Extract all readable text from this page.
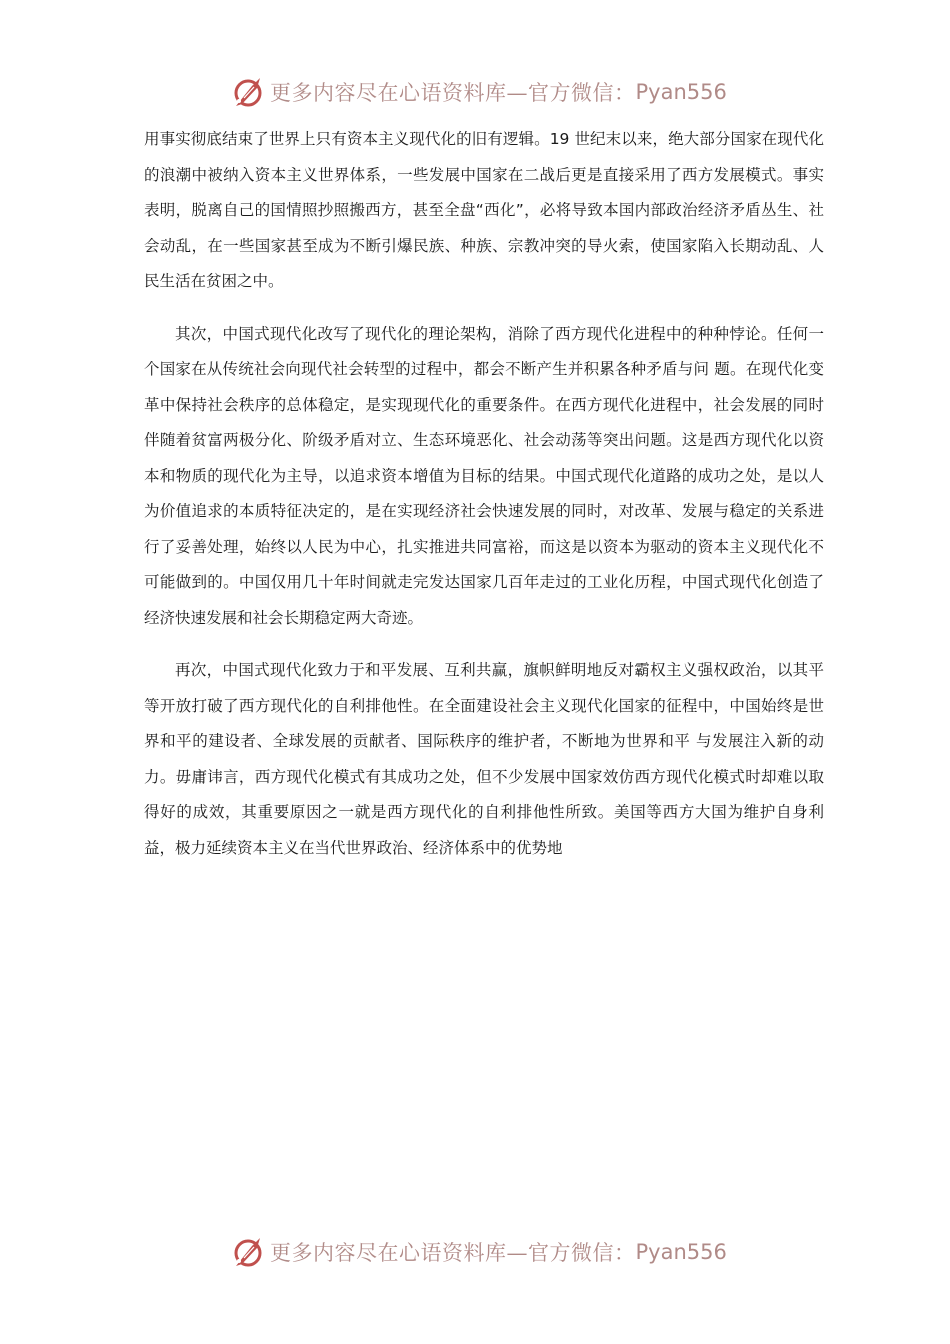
更多内容尽在心语资料库—官方微信： Pyan556

用事实彻底结束了世界上只有资本主义现代化的旧有逻辑。19 世纪末以来，绝大部分国家在现代化的浪潮中被纳入资本主义世界体系，一些发展中国家在二战后更是直接采用了西方发展模式。事实表明，脱离自己的国情照抄照搬西方，甚至全盘“西化”，必将导致本国内部政治经济矛盾丛生、社会动乱，在一些国家甚至成为不断引爆民族、种族、宗教冲突的导火索，使国家陷入长期动乱、人民生活在贫困之中。

其次，中国式现代化改写了现代化的理论架构，消除了西方现代化进程中的种种悖论。任何一个国家在从传统社会向现代社会转型的过程中，都会不断产生并积累各种矛盾与问 题。在现代化变革中保持社会秩序的总体稳定，是实现现代化的重要条件。在西方现代化进程中，社会发展的同时伴随着贫富两极分化、阶级矛盾对立、生态环境恶化、社会动荡等突出问题。这是西方现代化以资本和物质的现代化为主导，以追求资本增值为目标的结果。中国式现代化道路的成功之处，是以人为价值追求的本质特征决定的，是在实现经济社会快速发展的同时，对改革、发展与稳定的关系进行了妥善处理，始终以人民为中心，扎实推进共同富裕，而这是以资本为驱动的资本主义现代化不可能做到的。中国仅用几十年时间就走完发达国家几百年走过的工业化历程，中国式现代化创造了经济快速发展和社会长期稳定两大奇迹。

再次，中国式现代化致力于和平发展、互利共赢，旗帜鲜明地反对霸权主义强权政治，以其平等开放打破了西方现代化的自利排他性。在全面建设社会主义现代化国家的征程中，中国始终是世界和平的建设者、全球发展的贡献者、国际秩序的维护者，不断地为世界和平 与发展注入新的动力。毋庸讳言，西方现代化模式有其成功之处，但不少发展中国家效仿西方现代化模式时却难以取得好的成效，其重要原因之一就是西方现代化的自利排他性所致。美国等西方大国为维护自身利益，极力延续资本主义在当代世界政治、经济体系中的优势地

更多内容尽在心语资料库—官方微信： Pyan556
